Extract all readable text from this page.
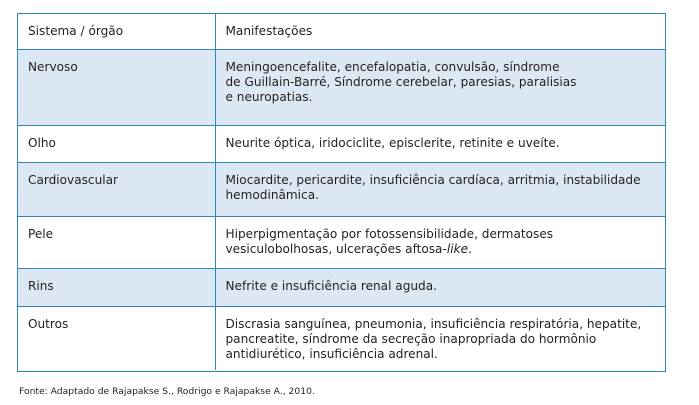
Sistema / órgão	Manifestações
Nervoso	Meningoencefalite, encefalopatia, convulsão, síndrome
de Guillain-Barré, Síndrome cerebelar, paresias, paralisias
e neuropatias.

Olho	Neurite óptica, iridociclite, episclerite, retinite e uveíte.

Cardiovascular	Miocardite, pericardite, insuficiência cardíaca, arritmia, instabilidade
hemodinâmica.

Pele	Hiperpigmentação por fotossensibilidade, dermatoses
vesiculobolhosas, ulcerações aftosa-like.

Rins	Nefrite e insuficiência renal aguda.

Outros	Discrasia sanguínea, pneumonia, insuficiência respiratória, hepatite,
pancreatite, síndrome da secreção inapropriada do hormônio
antidiurético, insuficiência adrenal.
Fonte: Adaptado de Rajapakse S., Rodrigo e Rajapakse A., 2010.
